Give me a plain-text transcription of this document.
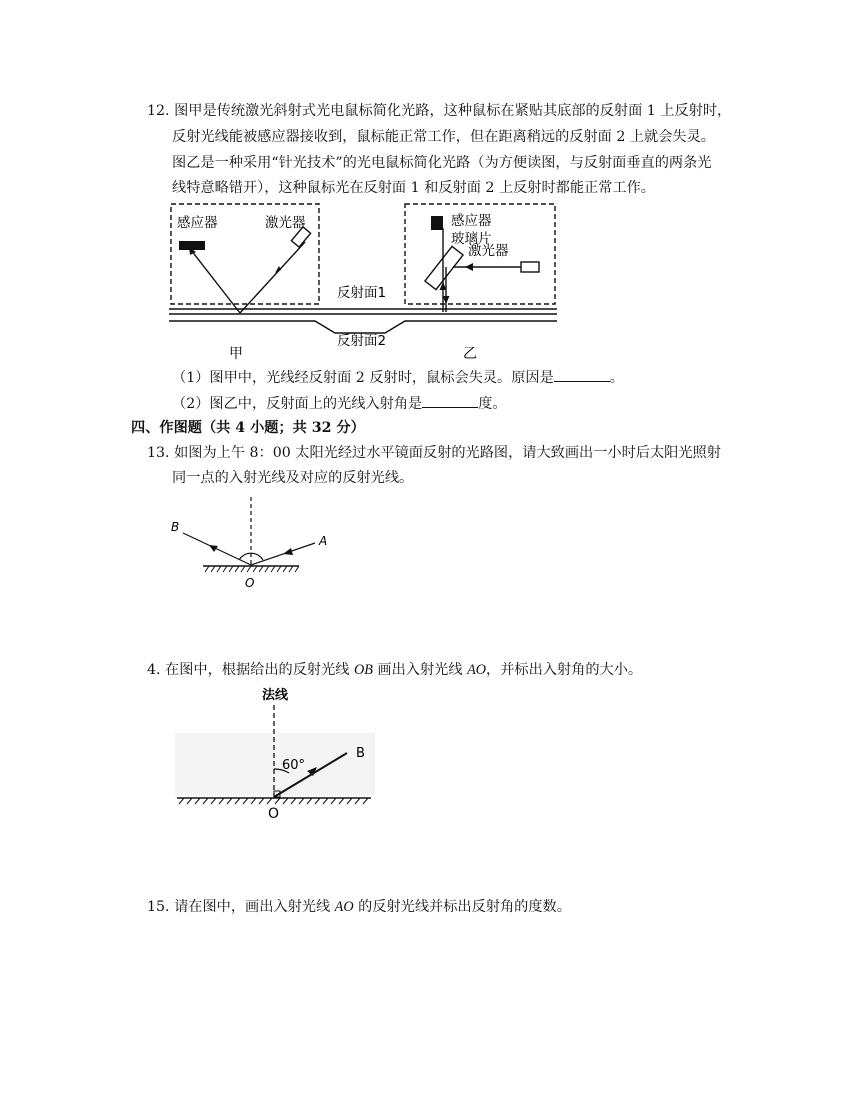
12. 图甲是传统激光斜射式光电鼠标简化光路，这种鼠标在紧贴其底部的反射面 1 上反射时，
反射光线能被感应器接收到，鼠标能正常工作，但在距离稍远的反射面 2 上就会失灵。
图乙是一种采用“针光技术”的光电鼠标简化光路（为方便读图，与反射面垂直的两条光
线特意略错开），这种鼠标光在反射面 1 和反射面 2 上反射时都能正常工作。
感应器	激光器	感应器
玻璃片
激光器
反射面1
反射面2
甲	乙
（1）图甲中，光线经反射面 2 反射时，鼠标会失灵。原因是	。
（2）图乙中，反射面上的光线入射角是	度。
四、作图题（共 4 小题；共 32 分）
13. 如图为上午 8：00 太阳光经过水平镜面反射的光路图，请大致画出一小时后太阳光照射
同一点的入射光线及对应的反射光线。
B
A
O
4. 在图中，根据给出的反射光线 OB 画出入射光线 AO，并标出入射角的大小。
法线
60°
B
O
15. 请在图中，画出入射光线 AO 的反射光线并标出反射角的度数。
